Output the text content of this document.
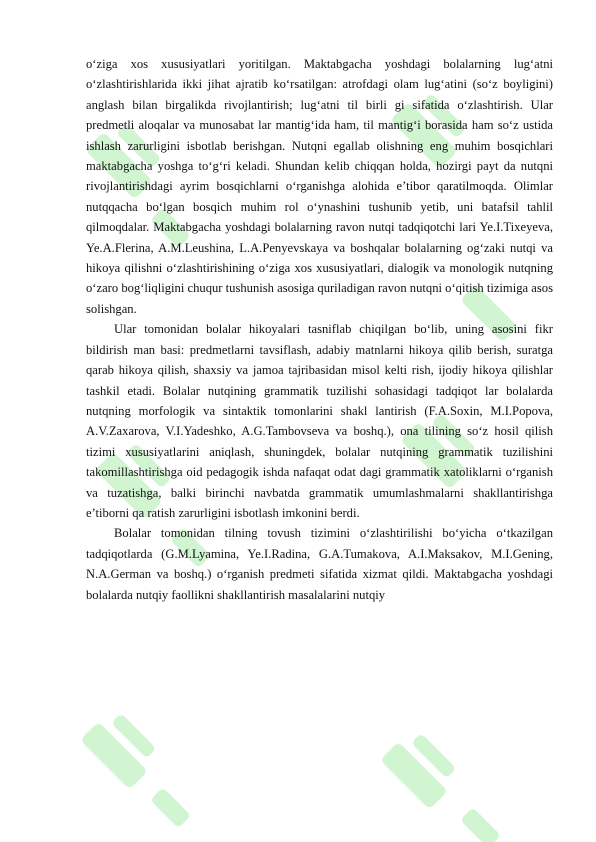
o‘ziga xos xususiyatlari yoritilgan. Maktabgacha yoshdagi bolalarning lug‘atni o‘zlashtirishlarida ikki jihat ajratib ko‘rsatilgan: atrofdagi olam lug‘atini (so‘z boyligini) anglash bilan birgalikda rivojlantirish; lug‘atni til birli gi sifatida o‘zlashtirish. Ular predmetli aloqalar va munosabat lar mantig‘ida ham, til mantig‘i borasida ham so‘z ustida ishlash zarurligini isbotlab berishgan. Nutqni egallab olishning eng muhim bosqichlari maktabgacha yoshga to‘g‘ri keladi. Shundan kelib chiqqan holda, hozirgi payt da nutqni rivojlantirishdagi ayrim bosqichlarni o‘rganishga alohida e’tibor qaratilmoqda. Olimlar nutqqacha bo‘lgan bosqich muhim rol o‘ynashini tushunib yetib, uni batafsil tahlil qilmoqdalar. Maktabgacha yoshdagi bolalarning ravon nutqi tadqiqotchi lari Ye.I.Tixeyeva, Ye.A.Flerina, A.M.Leushina, L.A.Penyevskaya va boshqalar bolalarning og‘zaki nutqi va hikoya qilishni o‘zlashtirishining o‘ziga xos xususiyatlari, dialogik va monologik nutqning o‘zaro bog‘liqligini chuqur tushunish asosiga quriladigan ravon nutqni o‘qitish tizimiga asos solishgan.

Ular tomonidan bolalar hikoyalari tasniflab chiqilgan bo‘lib, uning asosini fikr bildirish man basi: predmetlarni tavsiflash, adabiy matnlarni hikoya qilib berish, suratga qarab hikoya qilish, shaxsiy va jamoa tajribasidan misol kelti rish, ijodiy hikoya qilishlar tashkil etadi. Bolalar nutqining grammatik tuzilishi sohasidagi tadqiqot lar bolalarda nutqning morfologik va sintaktik tomonlarini shakl lantirish (F.A.Soxin, M.I.Popova, A.V.Zaxarova, V.I.Yadeshko, A.G.Tambovseva va boshq.), ona tilining so‘z hosil qilish tizimi xususiyatlarini aniqlash, shuningdek, bolalar nutqining grammatik tuzilishini takomillashtirishga oid pedagogik ishda nafaqat odat dagi grammatik xatoliklarni o‘rganish va tuzatishga, balki birinchi navbatda grammatik umumlashmalarni shakllantirishga e’tiborni qa ratish zarurligini isbotlash imkonini berdi.

Bolalar tomonidan tilning tovush tizimini o‘zlashtirilishi bo‘yicha o‘tkazilgan tadqiqotlarda (G.M.Lyamina, Ye.I.Radina, G.A.Tumakova, A.I.Maksakov, M.I.Gening, N.A.German va boshq.) o‘rganish predmeti sifatida xizmat qildi. Maktabgacha yoshdagi bolalarda nutqiy faollikni shakllantirish masalalarini nutqiy
